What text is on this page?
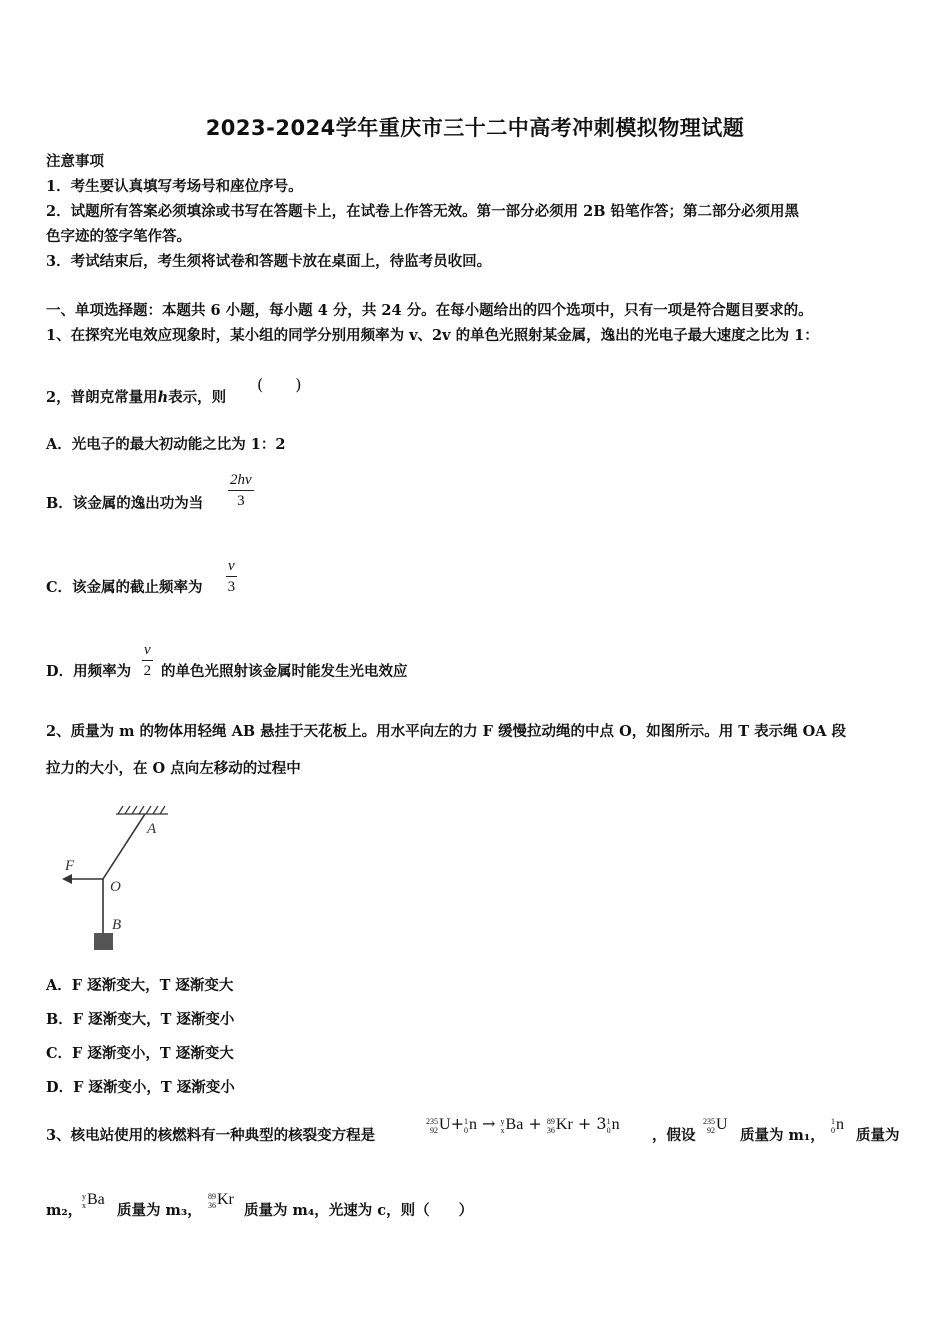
2023-2024学年重庆市三十二中高考冲刺模拟物理试题
注意事项
1．考生要认真填写考场号和座位序号。
2．试题所有答案必须填涂或书写在答题卡上，在试卷上作答无效。第一部分必须用 2B 铅笔作答；第二部分必须用黑
色字迹的签字笔作答。
3．考试结束后，考生须将试卷和答题卡放在桌面上，待监考员收回。
一、单项选择题：本题共 6 小题，每小题 4 分，共 24 分。在每小题给出的四个选项中，只有一项是符合题目要求的。
1、在探究光电效应现象时，某小组的同学分别用频率为 v、2v 的单色光照射某金属，逸出的光电子最大速度之比为 1：
2，普朗克常量用h表示，则
(　　)
A．光电子的最大初动能之比为 1：2
B．该金属的逸出功为当 $\frac{2hv}{3}$
C．该金属的截止频率为 $\frac{v}{3}$
D．用频率为 $\frac{v}{2}$ 的单色光照射该金属时能发生光电效应
2、质量为 m 的物体用轻绳 AB 悬挂于天花板上。用水平向左的力 F 缓慢拉动绳的中点 O，如图所示。用 T 表示绳 OA 段
拉力的大小，在 O 点向左移动的过程中
A
O
B
F
A．F 逐渐变大，T 逐渐变大
B．F 逐渐变大，T 逐渐变小
C．F 逐渐变小，T 逐渐变大
D．F 逐渐变小，T 逐渐变小
3、核电站使用的核燃料有一种典型的核裂变方程是
235
92U+1
0n → y
xBa + 89
36Kr + 31
0n
，假设
235
92U
质量为 m₁，
1
0n
质量为
m₂，
y
xBa
质量为 m₃，
89
36Kr
质量为 m₄，光速为 c，则（　　）
